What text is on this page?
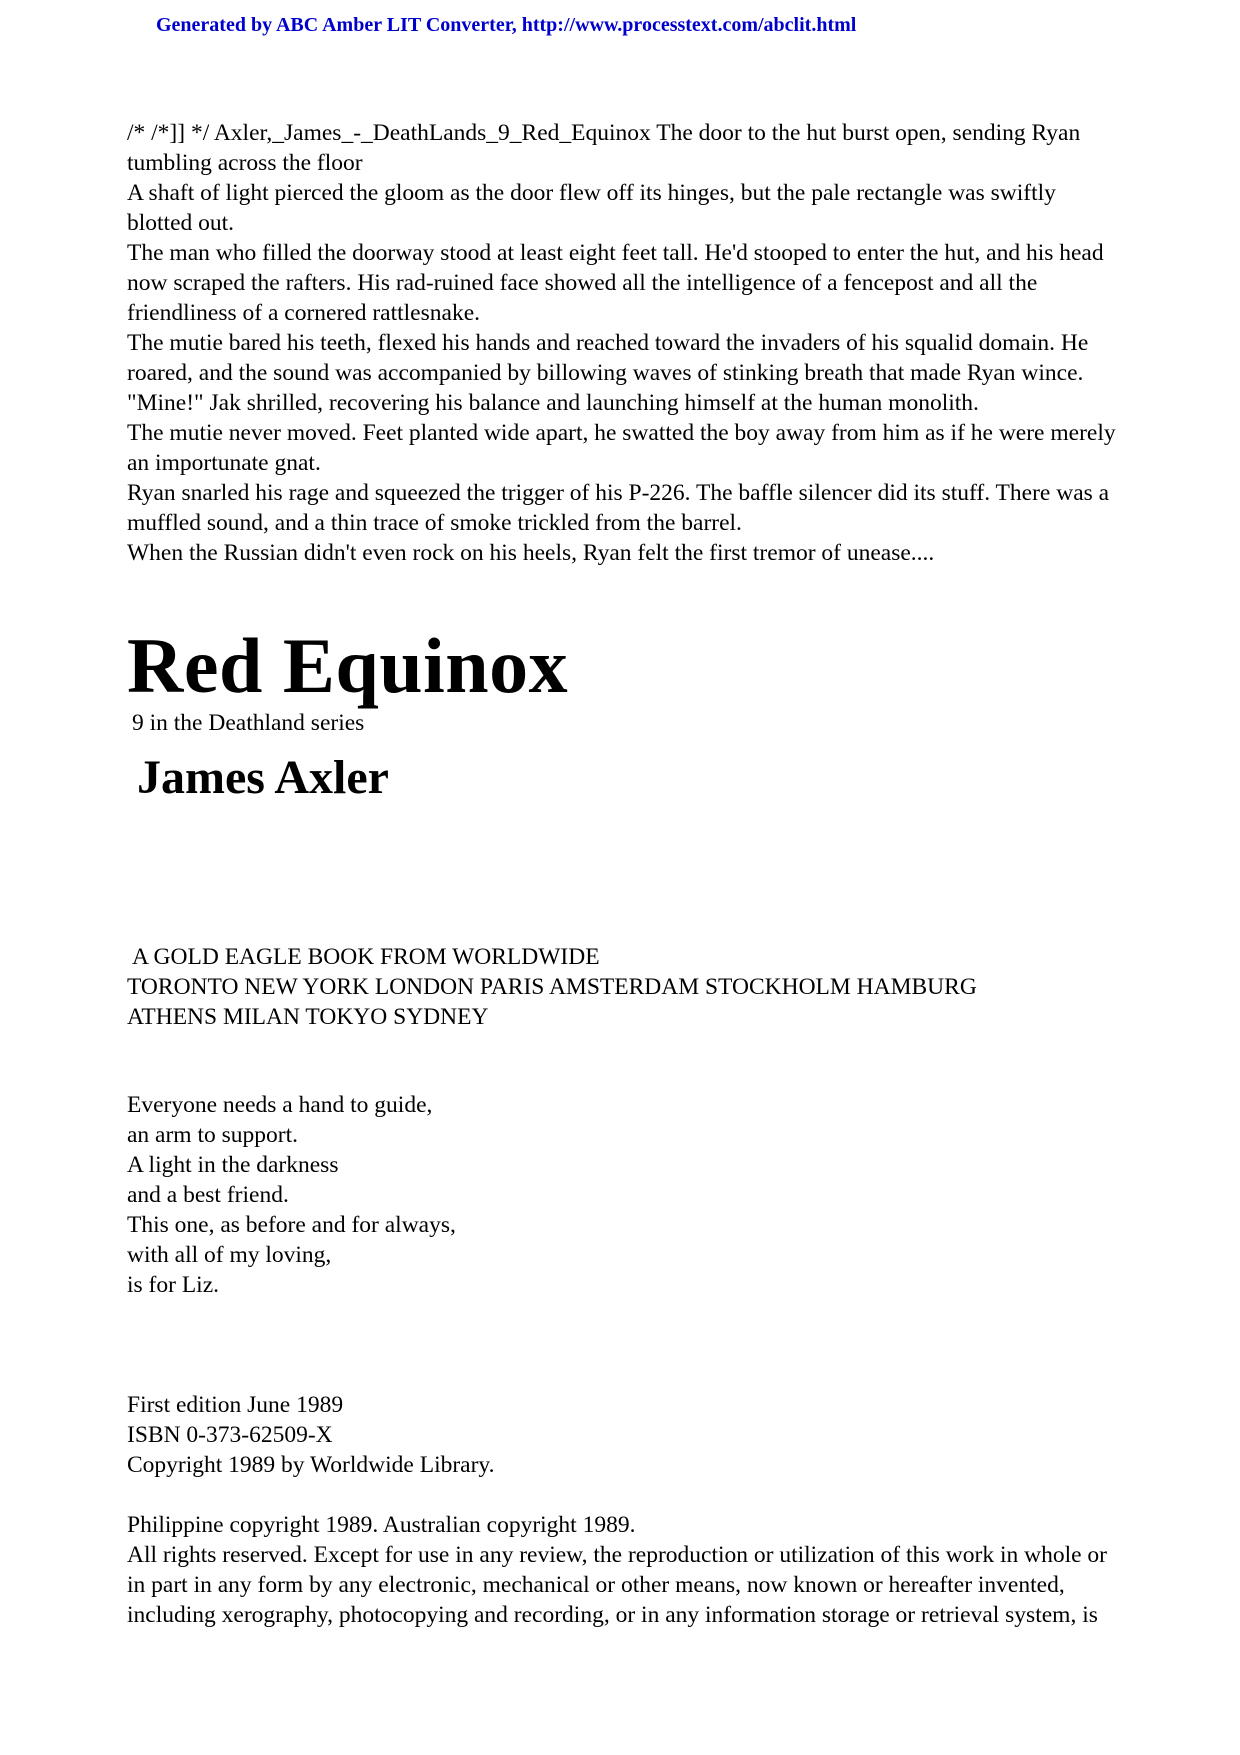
Generated by ABC Amber LIT Converter, http://www.processtext.com/abclit.html

/* /*]] */ Axler,_James_-_DeathLands_9_Red_Equinox The door to the hut burst open, sending Ryan tumbling across the floor

A shaft of light pierced the gloom as the door flew off its hinges, but the pale rectangle was swiftly blotted out.

The man who filled the doorway stood at least eight feet tall. He'd stooped to enter the hut, and his head now scraped the rafters. His rad-ruined face showed all the intelligence of a fencepost and all the friendliness of a cornered rattlesnake.

The mutie bared his teeth, flexed his hands and reached toward the invaders of his squalid domain. He roared, and the sound was accompanied by billowing waves of stinking breath that made Ryan wince.

"Mine!" Jak shrilled, recovering his balance and launching himself at the human monolith.

The mutie never moved. Feet planted wide apart, he swatted the boy away from him as if he were merely an importunate gnat.

Ryan snarled his rage and squeezed the trigger of his P-226. The baffle silencer did its stuff. There was a muffled sound, and a thin trace of smoke trickled from the barrel.

When the Russian didn't even rock on his heels, Ryan felt the first tremor of unease....

Red Equinox

9 in the Deathland series

James Axler

A GOLD EAGLE BOOK FROM WORLDWIDE

TORONTO NEW YORK LONDON PARIS AMSTERDAM STOCKHOLM HAMBURG

ATHENS MILAN TOKYO SYDNEY

Everyone needs a hand to guide,

an arm to support.

A light in the darkness

and a best friend.

This one, as before and for always,

with all of my loving,

is for Liz.

First edition June 1989

ISBN 0-373-62509-X

Copyright 1989 by Worldwide Library.

Philippine copyright 1989. Australian copyright 1989.

All rights reserved. Except for use in any review, the reproduction or utilization of this work in whole or in part in any form by any electronic, mechanical or other means, now known or hereafter invented, including xerography, photocopying and recording, or in any information storage or retrieval system, is
